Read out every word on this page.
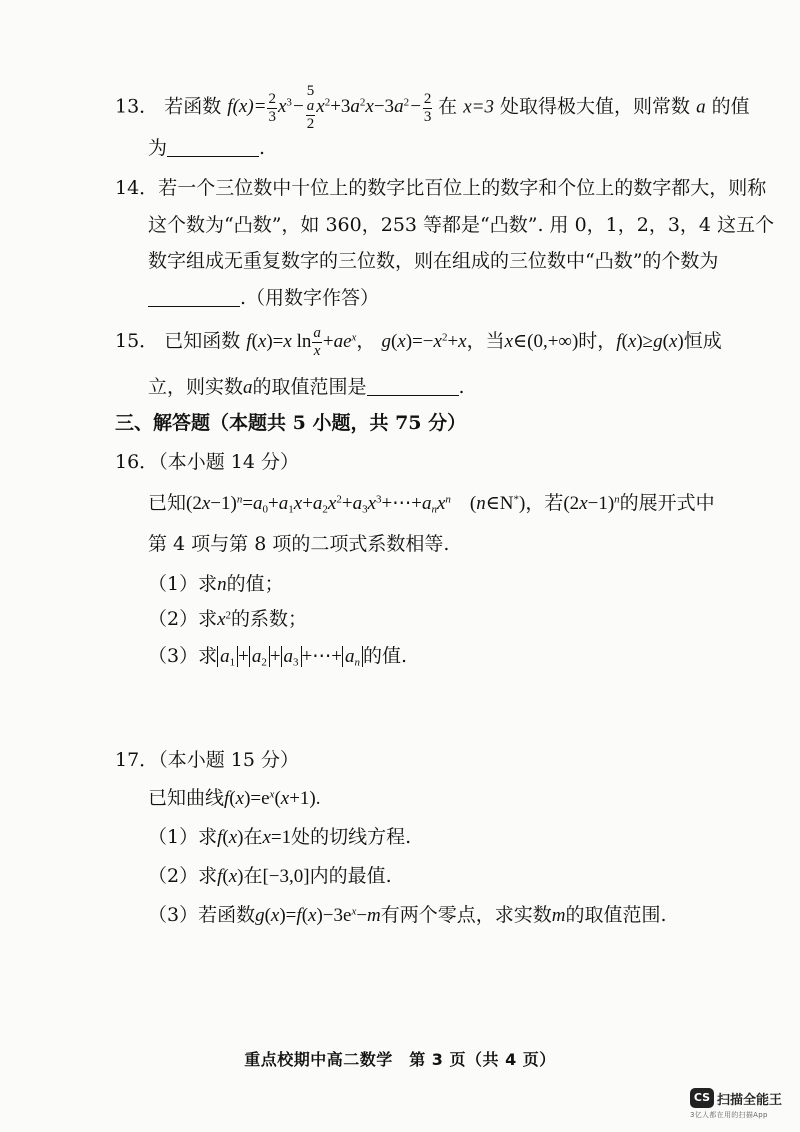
13． 若函数 $f(x)= \frac{2}{3} x^3- 5$
a
2 $x^2+3a^2x-3a^2- \frac{2}{3}$ 在 x=3 处取得极大值，则常数 a 的值
为	.
14．若一个三位数中十位上的数字比百位上的数字和个位上的数字都大，则称
这个数为“凸数”，如 360，253 等都是“凸数”. 用 0，1，2，3，4 这五个
数字组成无重复数字的三位数，则在组成的三位数中“凸数”的个数为
.（用数字作答）
15． 已知函数 f(x)=x $\ln \frac{a}{x} +ae^x$， $g(x)=-x^2+x$，当x∈(0,+∞)时，f(x)≥g(x)恒成
立，则实数a的取值范围是	.
三、解答题（本题共 5 小题，共 75 分）
16．（本小题 14 分）
已知$(2x-1)^n=a_0+a_1x+a_2x^2+a_3x^3+\cdots+a_nx^n$　(n∈N*)，若$(2x-1)^n$的展开式中
第 4 项与第 8 项的二项式系数相等.
（1）求n的值；
（2）求$x^2$的系数；
（3）求 $a_1 + a_2 + a_3$ +⋯+ $a_n$ 的值.
17．（本小题 15 分）
已知曲线$f(x)=e^x(x+1)$.
（1）求f(x)在x=1处的切线方程.
（2）求f(x)在[−3,0]内的最值.
（3）若函数$g(x)=f(x)-3e^x-m$有两个零点，求实数m的取值范围.
重点校期中高二数学　第 3 页（共 4 页）
CS 扫描全能王
3亿人都在用的扫描App
